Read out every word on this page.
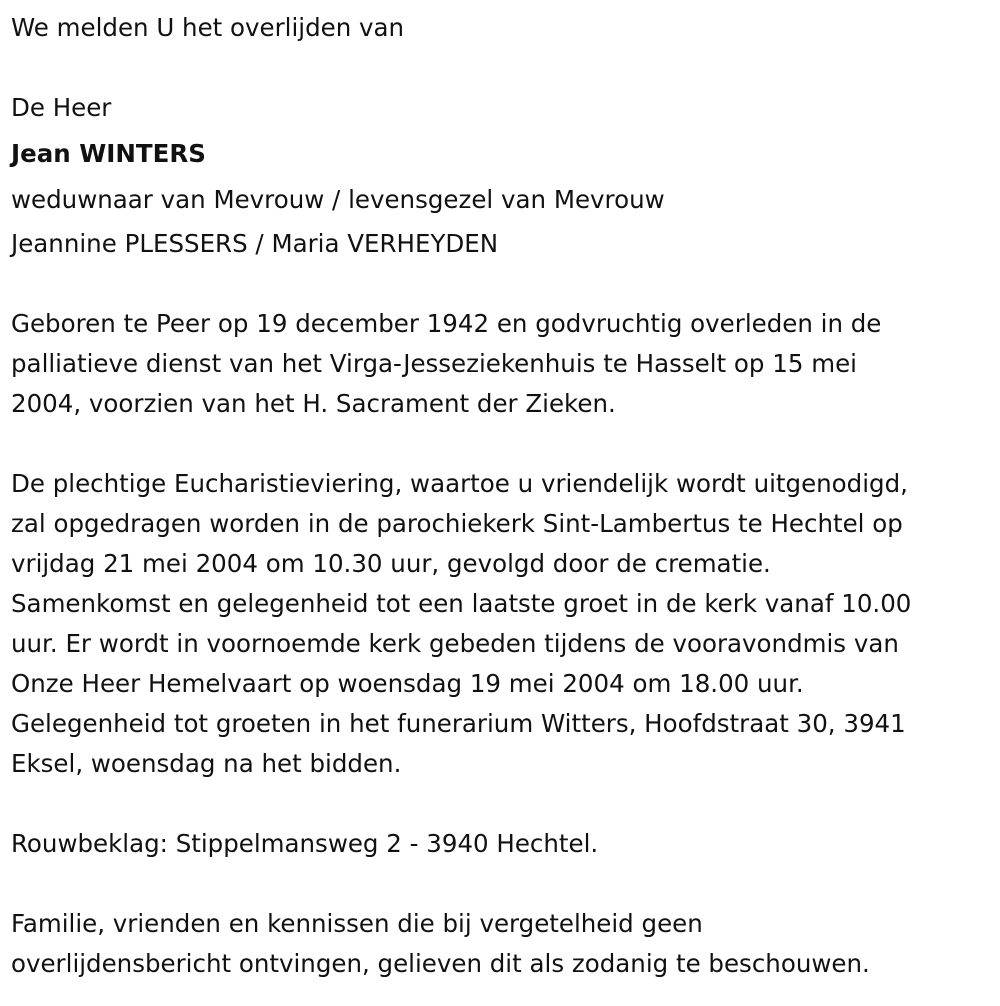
We melden U het overlijden van
De Heer
Jean WINTERS
weduwnaar van Mevrouw / levensgezel van Mevrouw
Jeannine PLESSERS / Maria VERHEYDEN
Geboren te Peer op 19 december 1942 en godvruchtig overleden in de
palliatieve dienst van het Virga-Jesseziekenhuis te Hasselt op 15 mei
2004, voorzien van het H. Sacrament der Zieken.
De plechtige Eucharistieviering, waartoe u vriendelijk wordt uitgenodigd,
zal opgedragen worden in de parochiekerk Sint-Lambertus te Hechtel op
vrijdag 21 mei 2004 om 10.30 uur, gevolgd door de crematie.
Samenkomst en gelegenheid tot een laatste groet in de kerk vanaf 10.00
uur. Er wordt in voornoemde kerk gebeden tijdens de vooravondmis van
Onze Heer Hemelvaart op woensdag 19 mei 2004 om 18.00 uur.
Gelegenheid tot groeten in het funerarium Witters, Hoofdstraat 30, 3941
Eksel, woensdag na het bidden.
Rouwbeklag: Stippelmansweg 2 - 3940 Hechtel.
Familie, vrienden en kennissen die bij vergetelheid geen
overlijdensbericht ontvingen, gelieven dit als zodanig te beschouwen.
